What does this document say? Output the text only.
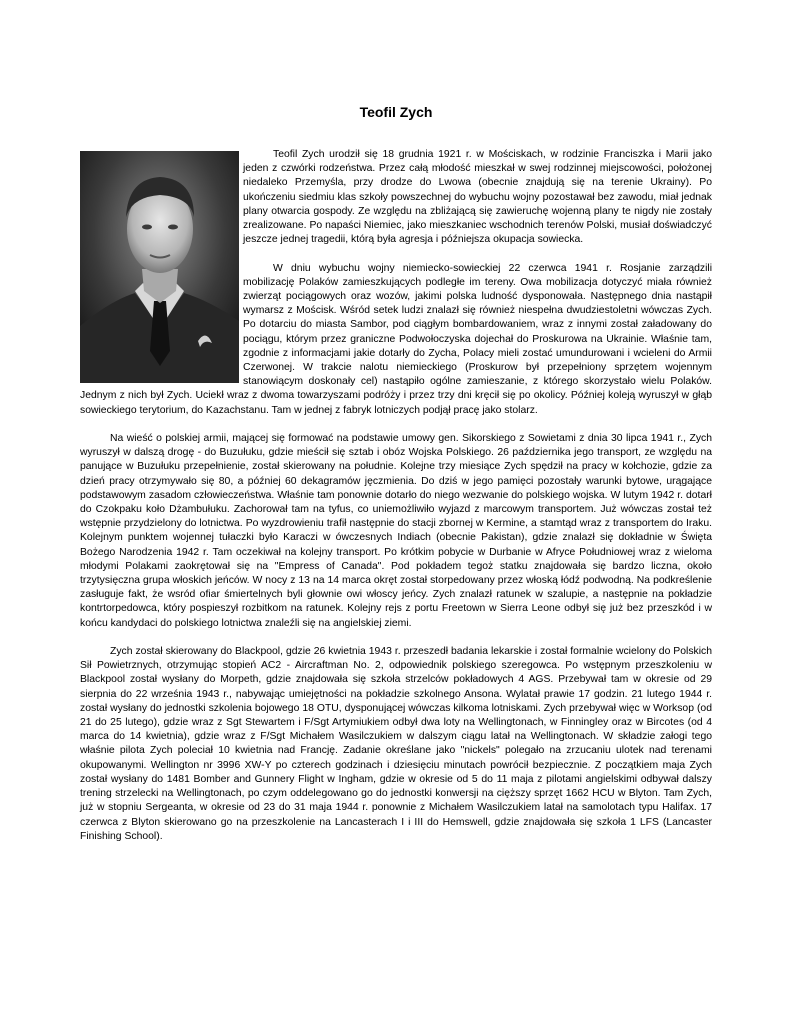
Teofil Zych

Teofil Zych urodził się 18 grudnia 1921 r. w Mościskach, w rodzinie Franciszka i Marii jako jeden z czwórki rodzeństwa. Przez całą młodość mieszkał w swej rodzinnej miejscowości, położonej niedaleko Przemyśla, przy drodze do Lwowa (obecnie znajdują się na terenie Ukrainy). Po ukończeniu siedmiu klas szkoły powszechnej do wybuchu wojny pozostawał bez zawodu, miał jednak plany otwarcia gospody. Ze względu na zbliżającą się zawieruchę wojenną plany te nigdy nie zostały zrealizowane. Po napaści Niemiec, jako mieszkaniec wschodnich terenów Polski, musiał doświadczyć jeszcze jednej tragedii, którą była agresja i późniejsza okupacja sowiecka.

W dniu wybuchu wojny niemiecko-sowieckiej 22 czerwca 1941 r. Rosjanie zarządzili mobilizację Polaków zamieszkujących podległe im tereny. Owa mobilizacja dotyczyć miała również zwierząt pociągowych oraz wozów, jakimi polska ludność dysponowała. Następnego dnia nastąpił wymarsz z Mościsk. Wśród setek ludzi znalazł się również niespełna dwudziestoletni wówczas Zych. Po dotarciu do miasta Sambor, pod ciągłym bombardowaniem, wraz z innymi został załadowany do pociągu, którym przez graniczne Podwołoczyska dojechał do Proskurowa na Ukrainie. Właśnie tam, zgodnie z informacjami jakie dotarły do Zycha, Polacy mieli zostać umundurowani i wcieleni do Armii Czerwonej. W trakcie nalotu niemieckiego (Proskurow był przepełniony sprzętem wojennym stanowiącym doskonały cel) nastąpiło ogólne zamieszanie, z którego skorzystało wielu Polaków. Jednym z nich był Zych. Uciekł wraz z dwoma towarzyszami podróży i przez trzy dni kręcił się po okolicy. Później koleją wyruszył w głąb sowieckiego terytorium, do Kazachstanu. Tam w jednej z fabryk lotniczych podjął pracę jako stolarz.

Na wieść o polskiej armii, mającej się formować na podstawie umowy gen. Sikorskiego z Sowietami z dnia 30 lipca 1941 r., Zych wyruszył w dalszą drogę - do Buzułuku, gdzie mieścił się sztab i obóz Wojska Polskiego. 26 października jego transport, ze względu na panujące w Buzułuku przepełnienie, został skierowany na południe. Kolejne trzy miesiące Zych spędził na pracy w kołchozie, gdzie za dzień pracy otrzymywało się 80, a później 60 dekagramów jęczmienia. Do dziś w jego pamięci pozostały warunki bytowe, urągające podstawowym zasadom człowieczeństwa. Właśnie tam ponownie dotarło do niego wezwanie do polskiego wojska. W lutym 1942 r. dotarł do Czokpaku koło Dżambułuku. Zachorował tam na tyfus, co uniemożliwiło wyjazd z marcowym transportem. Już wówczas został też wstępnie przydzielony do lotnictwa. Po wyzdrowieniu trafił następnie do stacji zbornej w Kermine, a stamtąd wraz z transportem do Iraku. Kolejnym punktem wojennej tułaczki było Karaczi w ówczesnych Indiach (obecnie Pakistan), gdzie znalazł się dokładnie w Święta Bożego Narodzenia 1942 r. Tam oczekiwał na kolejny transport. Po krótkim pobycie w Durbanie w Afryce Południowej wraz z wieloma młodymi Polakami zaokrętował się na "Empress of Canada". Pod pokładem tegoż statku znajdowała się bardzo liczna, około trzytysięczna grupa włoskich jeńców. W nocy z 13 na 14 marca okręt został storpedowany przez włoską łódź podwodną. Na podkreślenie zasługuje fakt, że wsród ofiar śmiertelnych byli głownie owi włoscy jeńcy. Zych znalazł ratunek w szalupie, a następnie na pokładzie kontrtorpedowca, który pospieszył rozbitkom na ratunek. Kolejny rejs z portu Freetown w Sierra Leone odbył się już bez przeszkód i w końcu kandydaci do polskiego lotnictwa znaleźli się na angielskiej ziemi.

Zych został skierowany do Blackpool, gdzie 26 kwietnia 1943 r. przeszedł badania lekarskie i został formalnie wcielony do Polskich Sił Powietrznych, otrzymując stopień AC2 - Aircraftman No. 2, odpowiednik polskiego szeregowca. Po wstępnym przeszkoleniu w Blackpool został wysłany do Morpeth, gdzie znajdowała się szkoła strzelców pokładowych 4 AGS. Przebywał tam w okresie od 29 sierpnia do 22 września 1943 r., nabywając umiejętności na pokładzie szkolnego Ansona. Wylatał prawie 17 godzin. 21 lutego 1944 r. został wysłany do jednostki szkolenia bojowego 18 OTU, dysponującej wówczas kilkoma lotniskami. Zych przebywał więc w Worksop (od 21 do 25 lutego), gdzie wraz z Sgt Stewartem i F/Sgt Artymiukiem odbył dwa loty na Wellingtonach, w Finningley oraz w Bircotes (od 4 marca do 14 kwietnia), gdzie wraz z F/Sgt Michałem Wasilczukiem w dalszym ciągu latał na Wellingtonach. W składzie załogi tego właśnie pilota Zych poleciał 10 kwietnia nad Francję. Zadanie określane jako "nickels" polegało na zrzucaniu ulotek nad terenami okupowanymi. Wellington nr 3996 XW-Y po czterech godzinach i dziesięciu minutach powrócił bezpiecznie. Z początkiem maja Zych został wysłany do 1481 Bomber and Gunnery Flight w Ingham, gdzie w okresie od 5 do 11 maja z pilotami angielskimi odbywał dalszy trening strzelecki na Wellingtonach, po czym oddelegowano go do jednostki konwersji na cięższy sprzęt 1662 HCU w Blyton. Tam Zych, już w stopniu Sergeanta, w okresie od 23 do 31 maja 1944 r. ponownie z Michałem Wasilczukiem latał na samolotach typu Halifax. 17 czerwca z Blyton skierowano go na przeszkolenie na Lancasterach I i III do Hemswell, gdzie znajdowała się szkoła 1 LFS (Lancaster Finishing School).
